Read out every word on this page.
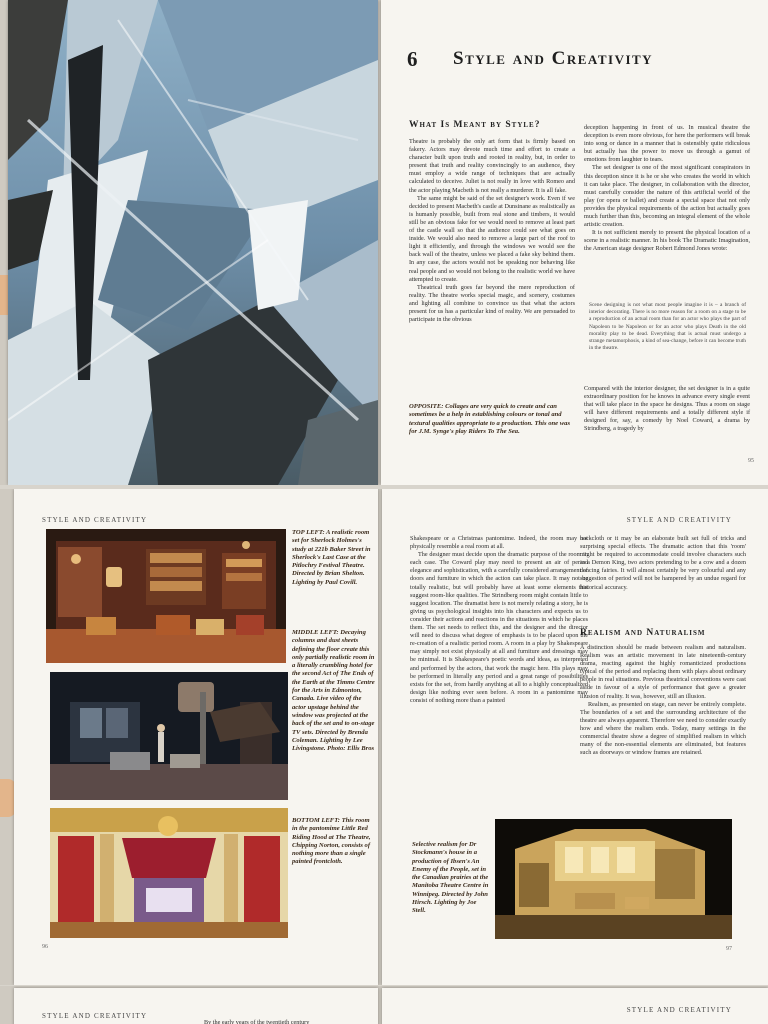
6 Style and Creativity
What Is Meant by Style?

Theatre is probably the only art form that is firmly based on fakery. Actors may devote much time and effort to create a character built upon truth and rooted in reality, but, in order to present that truth and reality convincingly to an audience, they must employ a wide range of techniques that are actually calculated to deceive. Juliet is not really in love with Romeo and the actor playing Macbeth is not really a murderer. It is all fake.

The same might be said of the set designer's work. Even if we decided to present Macbeth's castle at Dunsinane as realistically as is humanly possible, built from real stone and timbers, it would still be an obvious fake for we would need to remove at least part of the castle wall so that the audience could see what goes on inside. We would also need to remove a large part of the roof to light it efficiently, and through the windows we would see the back wall of the theatre, unless we placed a fake sky behind them. In any case, the actors would not be speaking nor behaving like real people and so would not belong to the realistic world we have attempted to create.

Theatrical truth goes far beyond the mere reproduction of reality. The theatre works special magic, and scenery, costumes and lighting all combine to convince us that what the actors present for us has a particular kind of reality. We are persuaded to participate in the obvious

OPPOSITE: Collages are very quick to create and can sometimes be a help in establishing colours or tonal and textural qualities appropriate to a production. This one was for J.M. Synge's play Riders To The Sea.

deception happening in front of us. In musical theatre the deception is even more obvious, for here the performers will break into song or dance in a manner that is ostensibly quite ridiculous but actually has the power to move us through a gamut of emotions from laughter to tears.

The set designer is one of the most significant conspirators in this deception since it is he or she who creates the world in which it can take place. The designer, in collaboration with the director, must carefully consider the nature of this artificial world of the play (or opera or ballet) and create a special space that not only provides the physical requirements of the action but actually goes much further than this, becoming an integral element of the whole artistic creation.

It is not sufficient merely to present the physical location of a scene in a realistic manner. In his book The Dramatic Imagination, the American stage designer Robert Edmond Jones wrote:

Scene designing is not what most people imagine it is – a branch of interior decorating. There is no more reason for a room on a stage to be a reproduction of an actual room than for an actor who plays the part of Napoleon to be Napoleon or for an actor who plays Death in the old morality play to be dead. Everything that is actual must undergo a strange metamorphosis, a kind of sea-change, before it can become truth in the theatre.

Compared with the interior designer, the set designer is in a quite extraordinary position for he knows in advance every single event that will take place in the space he designs. Thus a room on stage will have different requirements and a totally different style if designed for, say, a comedy by Noel Coward, a drama by Strindberg, a tragedy by

95
STYLE AND CREATIVITY
TOP LEFT: A realistic room set for Sherlock Holmes's study at 221b Baker Street in Sherlock's Last Case at the Pitlochry Festival Theatre. Directed by Brian Shelton. Lighting by Paul Covill.
MIDDLE LEFT: Decaying columns and dust sheets defining the floor create this only partially realistic room in a literally crumbling hotel for the second Act of The Ends of the Earth at the Timms Centre for the Arts in Edmonton, Canada. Live video of the actor upstage behind the window was projected at the back of the set and to on-stage TV sets. Directed by Brenda Coleman. Lighting by Lee Livingstone. Photo: Ellis Bros
BOTTOM LEFT: This room in the pantomime Little Red Riding Hood at The Theatre, Chipping Norton, consists of nothing more than a single painted frontcloth.
96
STYLE AND CREATIVITY

Shakespeare or a Christmas pantomime. Indeed, the room may not physically resemble a real room at all.

The designer must decide upon the dramatic purpose of the room in each case. The Coward play may need to present an air of period elegance and sophistication, with a carefully considered arrangement of doors and furniture in which the action can take place. It may not be totally realistic, but will probably have at least some elements that suggest room-like qualities. The Strindberg room might contain little to suggest location. The dramatist here is not merely relating a story, he is giving us psychological insights into his characters and expects us to consider their actions and reactions in the situations in which he places them. The set needs to reflect this, and the designer and the director will need to discuss what degree of emphasis is to be placed upon the re-creation of a realistic period room. A room in a play by Shakespeare may simply not exist physically at all and furniture and dressings may be minimal. It is Shakespeare's poetic words and ideas, as interpreted and performed by the actors, that work the magic here. His plays may be performed in literally any period and a great range of possibilities exists for the set, from hardly anything at all to a highly conceptualized design like nothing ever seen before. A room in a pantomime may consist of nothing more than a painted

backcloth or it may be an elaborate built set full of tricks and surprising special effects. The dramatic action that this 'room' might be required to accommodate could involve characters such as a Demon King, two actors pretending to be a cow and a dozen dancing fairies. It will almost certainly be very colourful and any suggestion of period will not be hampered by an undue regard for historical accuracy.

Realism and Naturalism

A distinction should be made between realism and naturalism. Realism was an artistic movement in late nineteenth-century drama, reacting against the highly romanticized productions typical of the period and replacing them with plays about ordinary people in real situations. Previous theatrical conventions were cast aside in favour of a style of performance that gave a greater illusion of reality. It was, however, still an illusion.

Realism, as presented on stage, can never be entirely complete. The boundaries of a set and the surrounding architecture of the theatre are always apparent. Therefore we need to consider exactly how and where the realism ends. Today, many settings in the commercial theatre show a degree of simplified realism in which many of the non-essential elements are eliminated, but features such as doorways or window frames are retained.

Selective realism for Dr Stockmann's house in a production of Ibsen's An Enemy of the People, set in the Canadian prairies at the Manitoba Theatre Centre in Winnipeg. Directed by John Hirsch. Lighting by Joe Stell.
97
STYLE AND CREATIVITY
By the early years of the twentieth century
STYLE AND CREATIVITY
